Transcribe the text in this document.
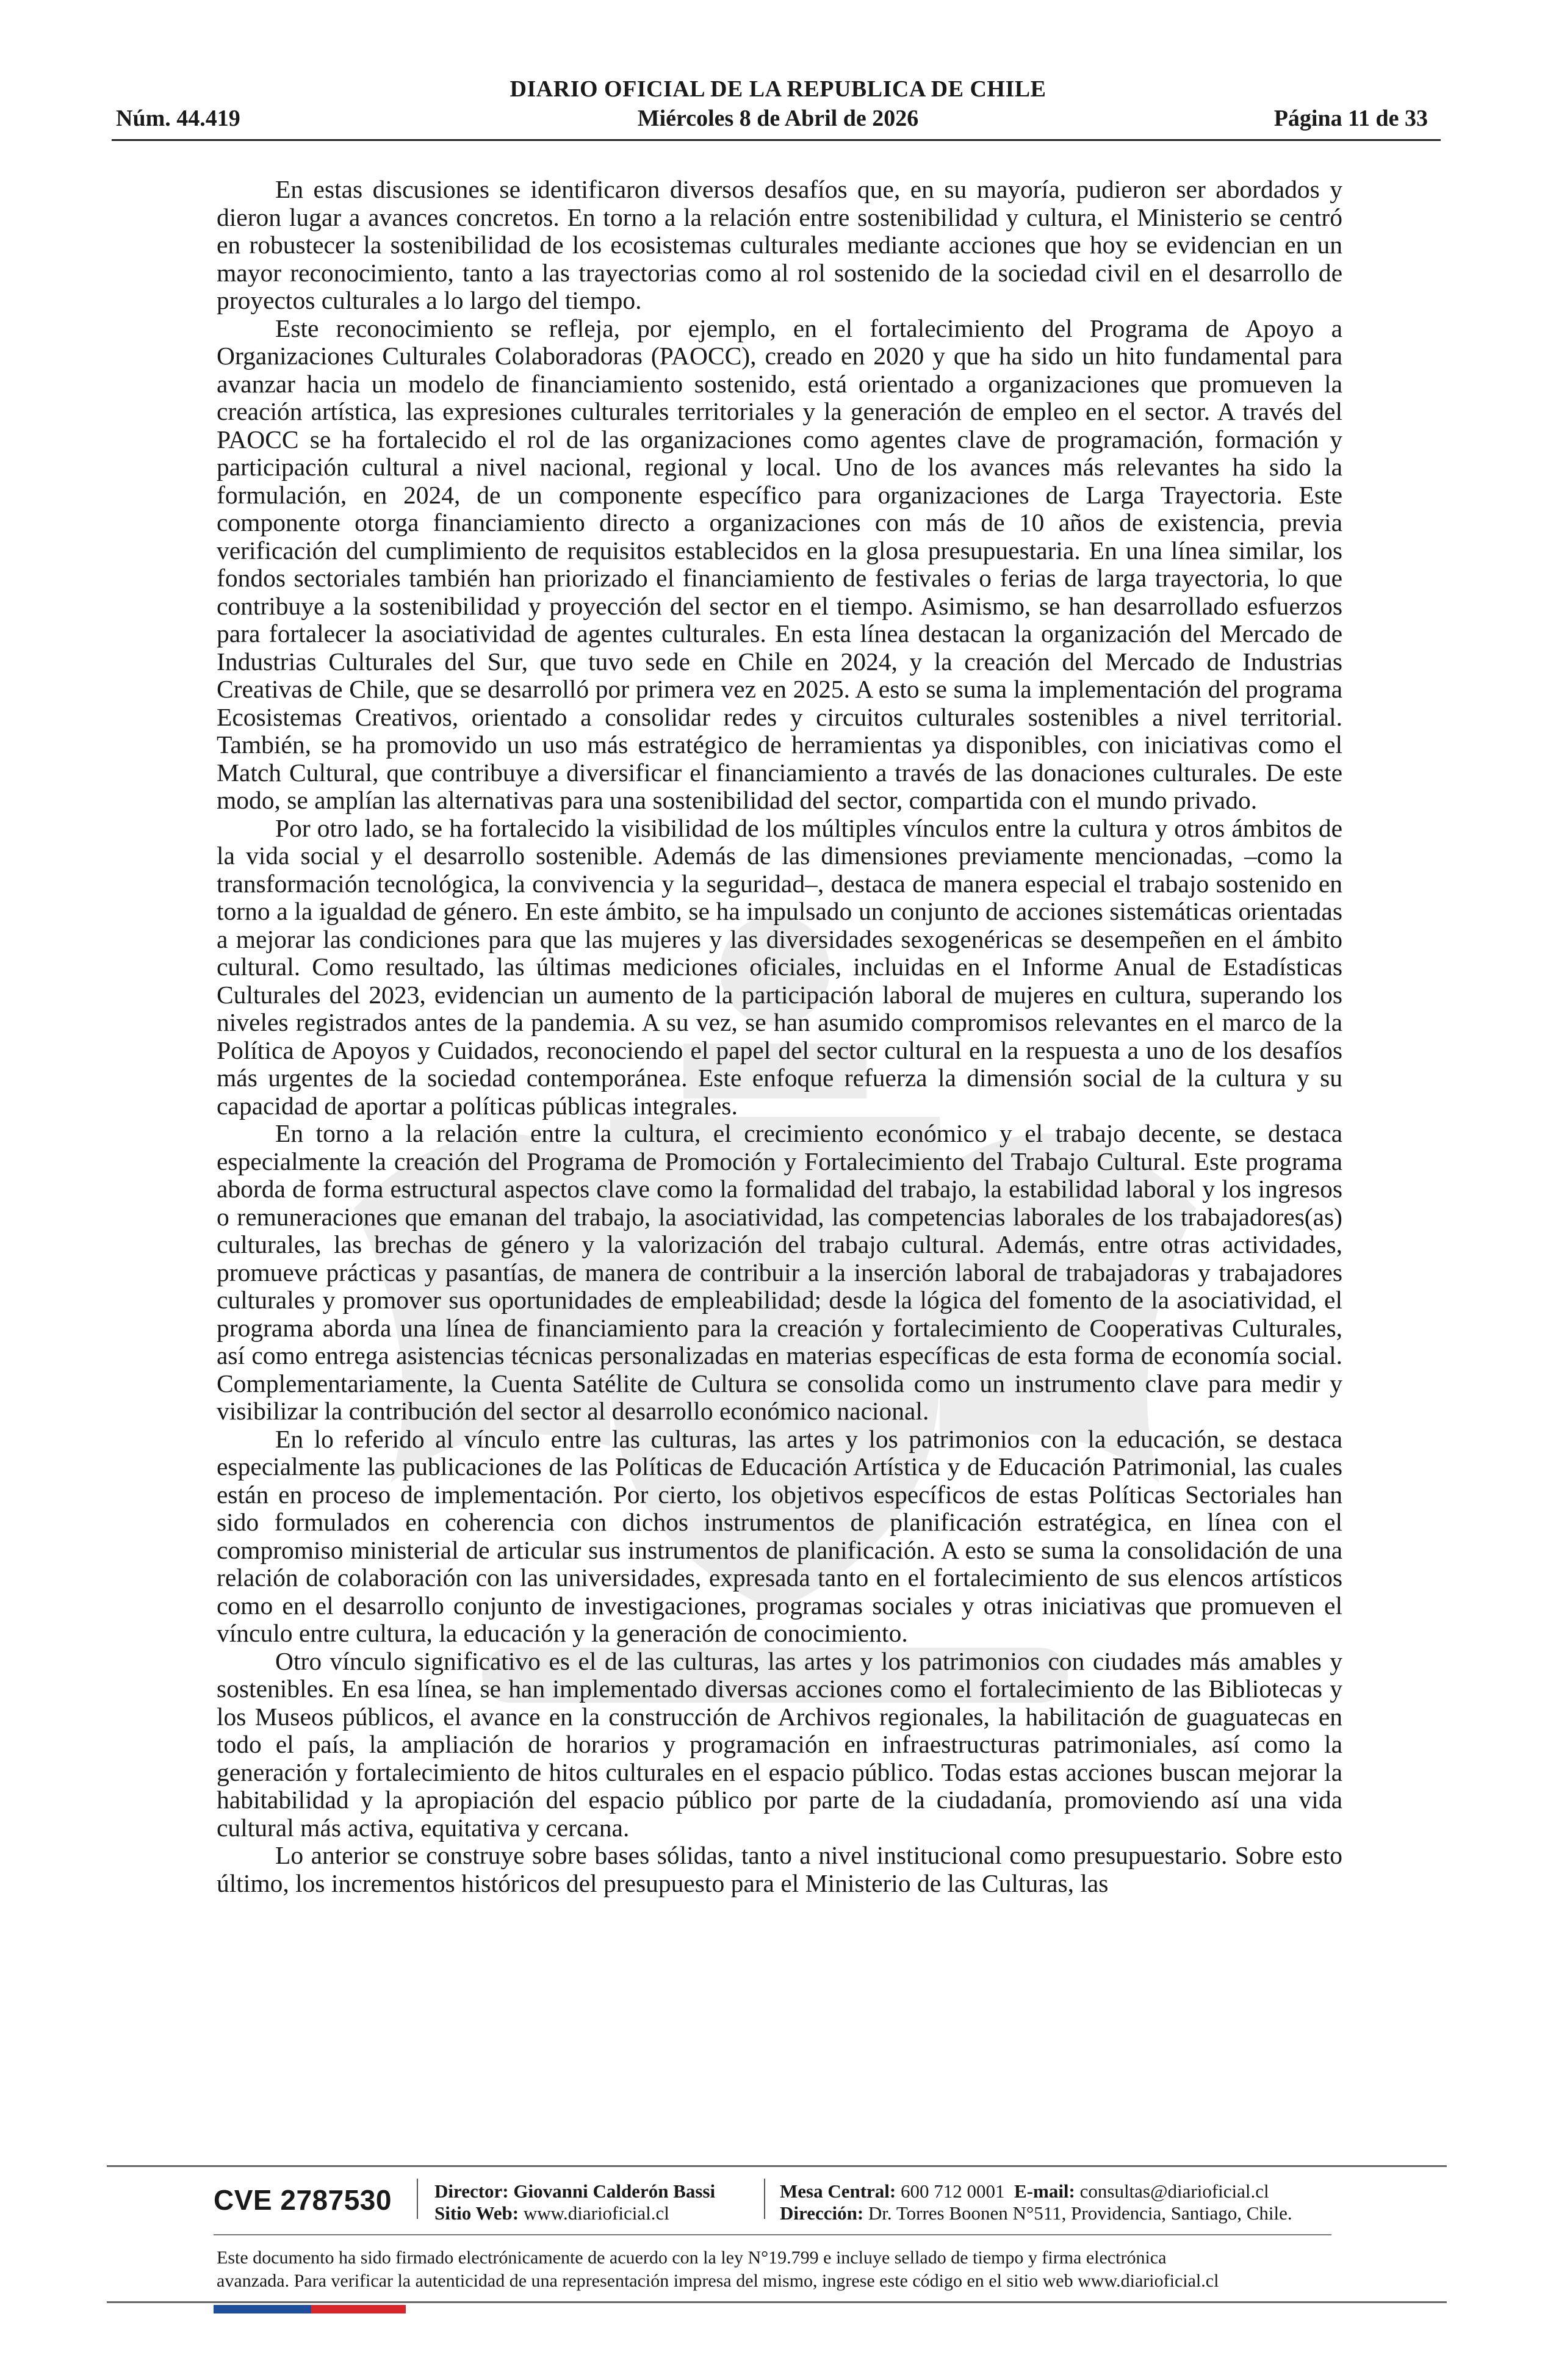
DIARIO OFICIAL DE LA REPUBLICA DE CHILE
Núm. 44.419	Miércoles 8 de Abril de 2026	Página 11 de 33

En estas discusiones se identificaron diversos desafíos que, en su mayoría, pudieron ser abordados y dieron lugar a avances concretos. En torno a la relación entre sostenibilidad y cultura, el Ministerio se centró en robustecer la sostenibilidad de los ecosistemas culturales mediante acciones que hoy se evidencian en un mayor reconocimiento, tanto a las trayectorias como al rol sostenido de la sociedad civil en el desarrollo de proyectos culturales a lo largo del tiempo.

Este reconocimiento se refleja, por ejemplo, en el fortalecimiento del Programa de Apoyo a Organizaciones Culturales Colaboradoras (PAOCC), creado en 2020 y que ha sido un hito fundamental para avanzar hacia un modelo de financiamiento sostenido, está orientado a organizaciones que promueven la creación artística, las expresiones culturales territoriales y la generación de empleo en el sector. A través del PAOCC se ha fortalecido el rol de las organizaciones como agentes clave de programación, formación y participación cultural a nivel nacional, regional y local. Uno de los avances más relevantes ha sido la formulación, en 2024, de un componente específico para organizaciones de Larga Trayectoria. Este componente otorga financiamiento directo a organizaciones con más de 10 años de existencia, previa verificación del cumplimiento de requisitos establecidos en la glosa presupuestaria. En una línea similar, los fondos sectoriales también han priorizado el financiamiento de festivales o ferias de larga trayectoria, lo que contribuye a la sostenibilidad y proyección del sector en el tiempo. Asimismo, se han desarrollado esfuerzos para fortalecer la asociatividad de agentes culturales. En esta línea destacan la organización del Mercado de Industrias Culturales del Sur, que tuvo sede en Chile en 2024, y la creación del Mercado de Industrias Creativas de Chile, que se desarrolló por primera vez en 2025. A esto se suma la implementación del programa Ecosistemas Creativos, orientado a consolidar redes y circuitos culturales sostenibles a nivel territorial. También, se ha promovido un uso más estratégico de herramientas ya disponibles, con iniciativas como el Match Cultural, que contribuye a diversificar el financiamiento a través de las donaciones culturales. De este modo, se amplían las alternativas para una sostenibilidad del sector, compartida con el mundo privado.

Por otro lado, se ha fortalecido la visibilidad de los múltiples vínculos entre la cultura y otros ámbitos de la vida social y el desarrollo sostenible. Además de las dimensiones previamente mencionadas, –como la transformación tecnológica, la convivencia y la seguridad–, destaca de manera especial el trabajo sostenido en torno a la igualdad de género. En este ámbito, se ha impulsado un conjunto de acciones sistemáticas orientadas a mejorar las condiciones para que las mujeres y las diversidades sexogenéricas se desempeñen en el ámbito cultural. Como resultado, las últimas mediciones oficiales, incluidas en el Informe Anual de Estadísticas Culturales del 2023, evidencian un aumento de la participación laboral de mujeres en cultura, superando los niveles registrados antes de la pandemia. A su vez, se han asumido compromisos relevantes en el marco de la Política de Apoyos y Cuidados, reconociendo el papel del sector cultural en la respuesta a uno de los desafíos más urgentes de la sociedad contemporánea. Este enfoque refuerza la dimensión social de la cultura y su capacidad de aportar a políticas públicas integrales.

En torno a la relación entre la cultura, el crecimiento económico y el trabajo decente, se destaca especialmente la creación del Programa de Promoción y Fortalecimiento del Trabajo Cultural. Este programa aborda de forma estructural aspectos clave como la formalidad del trabajo, la estabilidad laboral y los ingresos o remuneraciones que emanan del trabajo, la asociatividad, las competencias laborales de los trabajadores(as) culturales, las brechas de género y la valorización del trabajo cultural. Además, entre otras actividades, promueve prácticas y pasantías, de manera de contribuir a la inserción laboral de trabajadoras y trabajadores culturales y promover sus oportunidades de empleabilidad; desde la lógica del fomento de la asociatividad, el programa aborda una línea de financiamiento para la creación y fortalecimiento de Cooperativas Culturales, así como entrega asistencias técnicas personalizadas en materias específicas de esta forma de economía social. Complementariamente, la Cuenta Satélite de Cultura se consolida como un instrumento clave para medir y visibilizar la contribución del sector al desarrollo económico nacional.

En lo referido al vínculo entre las culturas, las artes y los patrimonios con la educación, se destaca especialmente las publicaciones de las Políticas de Educación Artística y de Educación Patrimonial, las cuales están en proceso de implementación. Por cierto, los objetivos específicos de estas Políticas Sectoriales han sido formulados en coherencia con dichos instrumentos de planificación estratégica, en línea con el compromiso ministerial de articular sus instrumentos de planificación. A esto se suma la consolidación de una relación de colaboración con las universidades, expresada tanto en el fortalecimiento de sus elencos artísticos como en el desarrollo conjunto de investigaciones, programas sociales y otras iniciativas que promueven el vínculo entre cultura, la educación y la generación de conocimiento.

Otro vínculo significativo es el de las culturas, las artes y los patrimonios con ciudades más amables y sostenibles. En esa línea, se han implementado diversas acciones como el fortalecimiento de las Bibliotecas y los Museos públicos, el avance en la construcción de Archivos regionales, la habilitación de guaguatecas en todo el país, la ampliación de horarios y programación en infraestructuras patrimoniales, así como la generación y fortalecimiento de hitos culturales en el espacio público. Todas estas acciones buscan mejorar la habitabilidad y la apropiación del espacio público por parte de la ciudadanía, promoviendo así una vida cultural más activa, equitativa y cercana.

Lo anterior se construye sobre bases sólidas, tanto a nivel institucional como presupuestario. Sobre esto último, los incrementos históricos del presupuesto para el Ministerio de las Culturas, las

CVE 2787530 Director: Giovanni Calderón Bassi
Sitio Web: www.diarioficial.cl
Mesa Central: 600 712 0001 E-mail: consultas@diarioficial.cl
Dirección: Dr. Torres Boonen N°511, Providencia, Santiago, Chile.
Este documento ha sido firmado electrónicamente de acuerdo con la ley N°19.799 e incluye sellado de tiempo y firma electrónica
avanzada. Para verificar la autenticidad de una representación impresa del mismo, ingrese este código en el sitio web www.diarioficial.cl
